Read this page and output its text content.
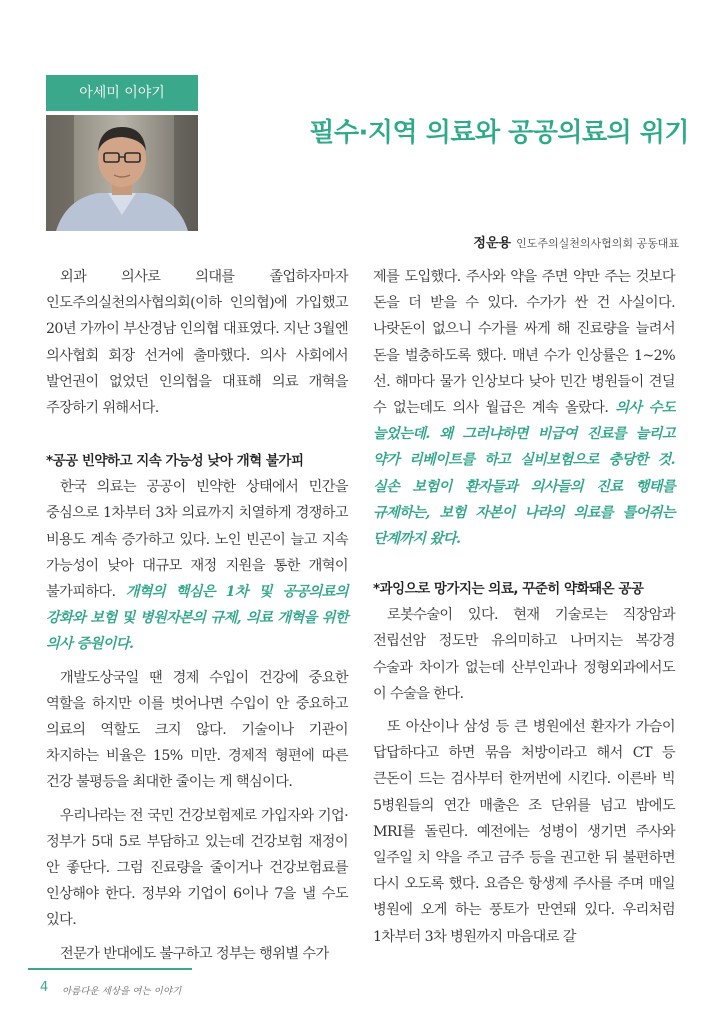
아세미 이야기
필수·지역 의료와 공공의료의 위기
정운용 인도주의실천의사협의회 공동대표

외과 의사로 의대를 졸업하자마자 인도주의실천의사협의회(이하 인의협)에 가입했고 20년 가까이 부산경남 인의협 대표였다. 지난 3월엔 의사협회 회장 선거에 출마했다. 의사 사회에서 발언권이 없었던 인의협을 대표해 의료 개혁을 주장하기 위해서다.

*공공 빈약하고 지속 가능성 낮아 개혁 불가피

한국 의료는 공공이 빈약한 상태에서 민간을 중심으로 1차부터 3차 의료까지 치열하게 경쟁하고 비용도 계속 증가하고 있다. 노인 빈곤이 늘고 지속 가능성이 낮아 대규모 재정 지원을 통한 개혁이 불가피하다. 개혁의 핵심은 1차 및 공공의료의 강화와 보험 및 병원자본의 규제, 의료 개혁을 위한 의사 증원이다.

개발도상국일 땐 경제 수입이 건강에 중요한 역할을 하지만 이를 벗어나면 수입이 안 중요하고 의료의 역할도 크지 않다. 기술이나 기관이 차지하는 비율은 15% 미만. 경제적 형편에 따른 건강 불평등을 최대한 줄이는 게 핵심이다.

우리나라는 전 국민 건강보험제로 가입자와 기업·정부가 5대 5로 부담하고 있는데 건강보험 재정이 안 좋단다. 그럼 진료량을 줄이거나 건강보험료를 인상해야 한다. 정부와 기업이 6이나 7을 낼 수도 있다.

전문가 반대에도 불구하고 정부는 행위별 수가

제를 도입했다. 주사와 약을 주면 약만 주는 것보다 돈을 더 받을 수 있다. 수가가 싼 건 사실이다. 나랏돈이 없으니 수가를 싸게 해 진료량을 늘려서 돈을 벌충하도록 했다. 매년 수가 인상률은 1~2% 선. 해마다 물가 인상보다 낮아 민간 병원들이 견딜 수 없는데도 의사 월급은 계속 올랐다. 의사 수도 늘었는데. 왜 그러냐하면 비급여 진료를 늘리고 약가 리베이트를 하고 실비보험으로 충당한 것. 실손 보험이 환자들과 의사들의 진료 행태를 규제하는, 보험 자본이 나라의 의료를 틀어쥐는 단계까지 왔다.

*과잉으로 망가지는 의료, 꾸준히 약화돼온 공공

로봇수술이 있다. 현재 기술로는 직장암과 전립선암 정도만 유의미하고 나머지는 복강경 수술과 차이가 없는데 산부인과나 정형외과에서도 이 수술을 한다.

또 아산이나 삼성 등 큰 병원에선 환자가 가슴이 답답하다고 하면 묶음 처방이라고 해서 CT 등 큰돈이 드는 검사부터 한꺼번에 시킨다. 이른바 빅 5병원들의 연간 매출은 조 단위를 넘고 밤에도 MRI를 돌린다. 예전에는 성병이 생기면 주사와 일주일 치 약을 주고 금주 등을 권고한 뒤 불편하면 다시 오도록 했다. 요즘은 항생제 주사를 주며 매일 병원에 오게 하는 풍토가 만연돼 있다. 우리처럼 1차부터 3차 병원까지 마음대로 갈

4 아름다운 세상을 여는 이야기
